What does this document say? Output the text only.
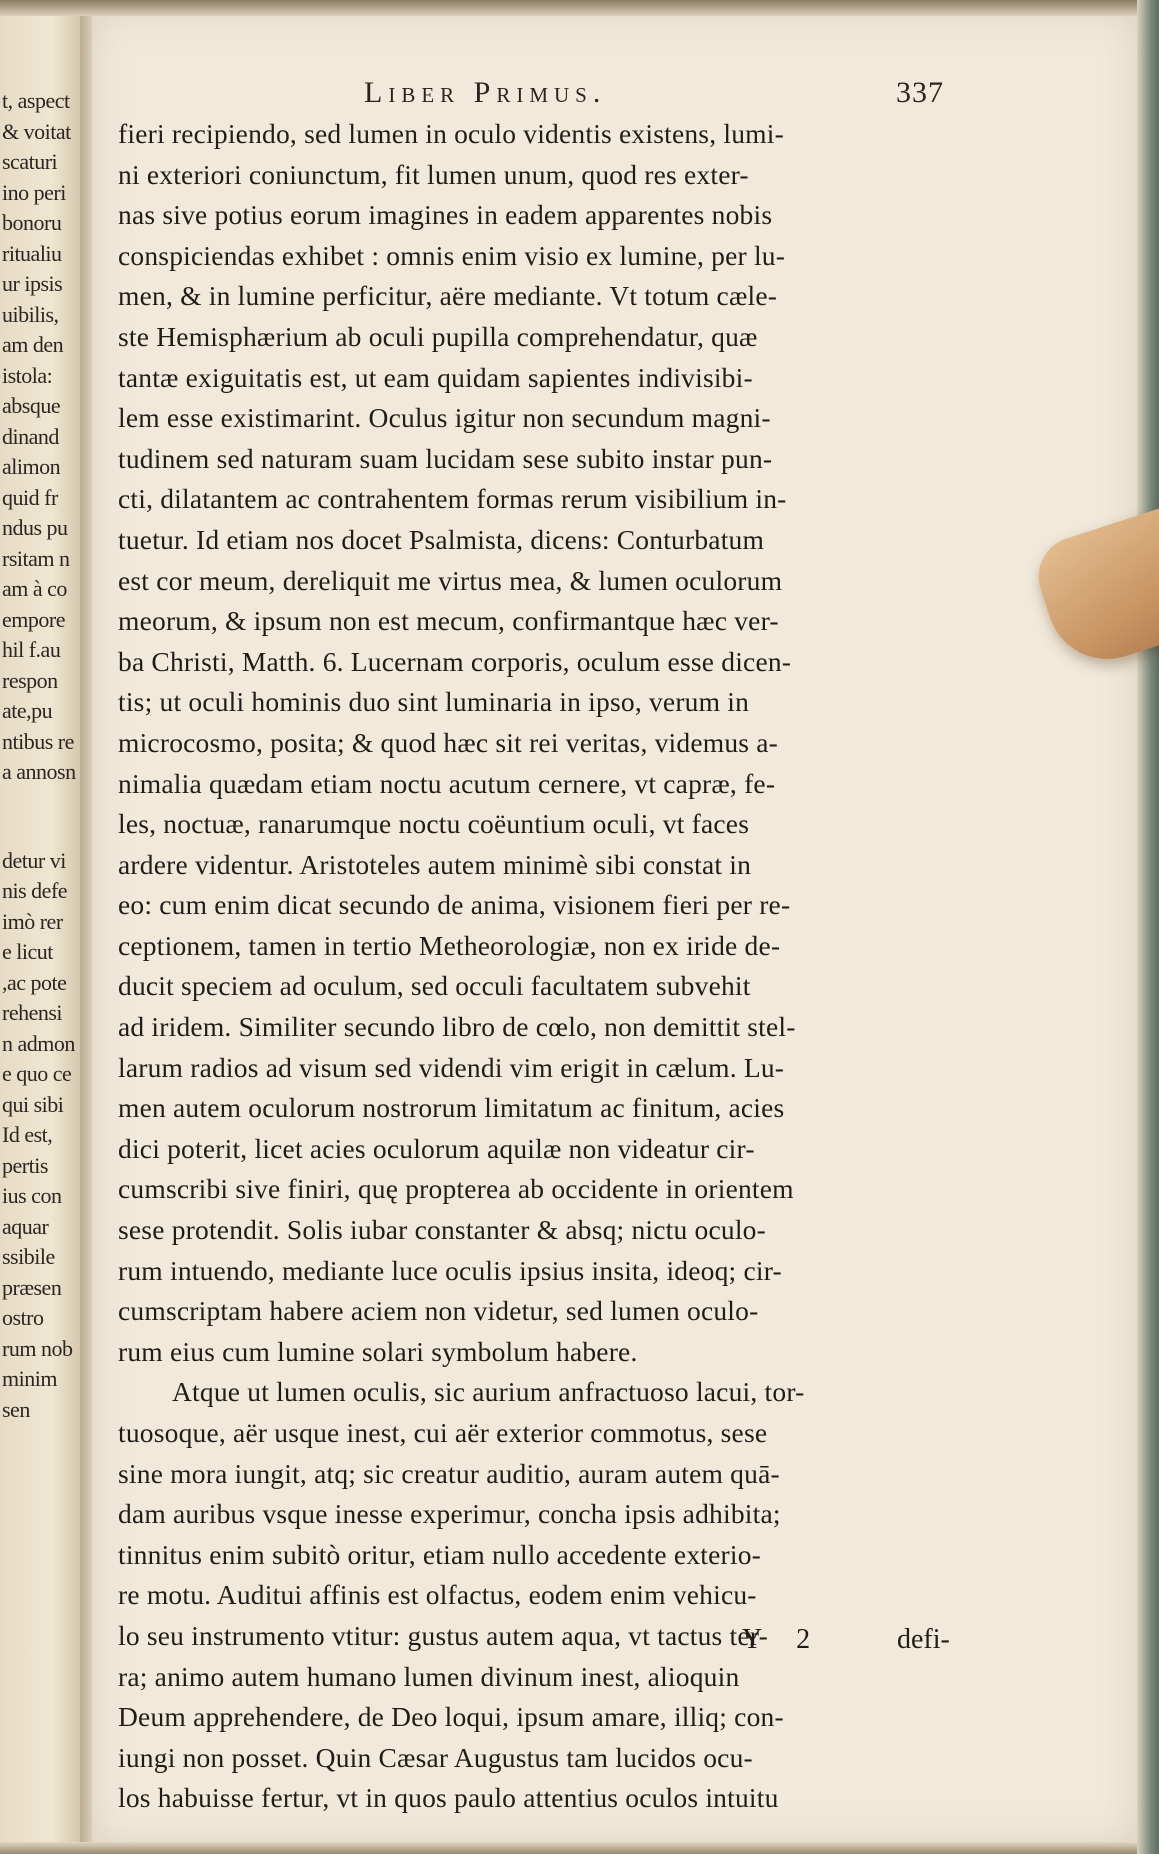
t, aspect
& voitat
scaturi
ino peri
bonoru
ritualiu
ur ipsis
uibilis,
am den
istola:
absque
dinand
alimon
quid fr
ndus pu
rsitam n
am à co
empore
hil f.au
respon
ate,pu
ntibus re
a annosn
detur vi
nis defe
imò rer
e licut
,ac pote
rehensi
n admon
e quo ce
qui sibi
Id est,
pertis
ius con
aquar
ssibile
præsen
ostro
rum nob
minim
sen
Liber Primus.	337
fieri recipiendo, sed lumen in oculo videntis existens, lumi-
ni exteriori coniunctum, fit lumen unum, quod res exter-
nas sive potius eorum imagines in eadem apparentes nobis
conspiciendas exhibet : omnis enim visio ex lumine, per lu-
men, & in lumine perficitur, aëre mediante. Vt totum cæle-
ste Hemisphærium ab oculi pupilla comprehendatur, quæ
tantæ exiguitatis est, ut eam quidam sapientes indivisibi-
lem esse existimarint. Oculus igitur non secundum magni-
tudinem sed naturam suam lucidam sese subito instar pun-
cti, dilatantem ac contrahentem formas rerum visibilium in-
tuetur. Id etiam nos docet Psalmista, dicens: Conturbatum
est cor meum, dereliquit me virtus mea, & lumen oculorum
meorum, & ipsum non est mecum, confirmantque hæc ver-
ba Christi, Matth. 6. Lucernam corporis, oculum esse dicen-
tis; ut oculi hominis duo sint luminaria in ipso, verum in
microcosmo, posita; & quod hæc sit rei veritas, videmus a-
nimalia quædam etiam noctu acutum cernere, vt capræ, fe-
les, noctuæ, ranarumque noctu coëuntium oculi, vt faces
ardere videntur. Aristoteles autem minimè sibi constat in
eo: cum enim dicat secundo de anima, visionem fieri per re-
ceptionem, tamen in tertio Metheorologiæ, non ex iride de-
ducit speciem ad oculum, sed occuli facultatem subvehit
ad iridem. Similiter secundo libro de cœlo, non demittit stel-
larum radios ad visum sed videndi vim erigit in cælum. Lu-
men autem oculorum nostrorum limitatum ac finitum, acies
dici poterit, licet acies oculorum aquilæ non videatur cir-
cumscribi sive finiri, quę propterea ab occidente in orientem
sese protendit. Solis iubar constanter & absq; nictu oculo-
rum intuendo, mediante luce oculis ipsius insita, ideoq; cir-
cumscriptam habere aciem non videtur, sed lumen oculo-
rum eius cum lumine solari symbolum habere.
Atque ut lumen oculis, sic aurium anfractuoso lacui, tor-
tuosoque, aër usque inest, cui aër exterior commotus, sese
sine mora iungit, atq; sic creatur auditio, auram autem quā-
dam auribus vsque inesse experimur, concha ipsis adhibita;
tinnitus enim subitò oritur, etiam nullo accedente exterio-
re motu. Auditui affinis est olfactus, eodem enim vehicu-
lo seu instrumento vtitur: gustus autem aqua, vt tactus ter-
ra; animo autem humano lumen divinum inest, alioquin
Deum apprehendere, de Deo loqui, ipsum amare, illiq; con-
iungi non posset. Quin Cæsar Augustus tam lucidos ocu-
los habuisse fertur, vt in quos paulo attentius oculos intuitu
Y 2	defi-
